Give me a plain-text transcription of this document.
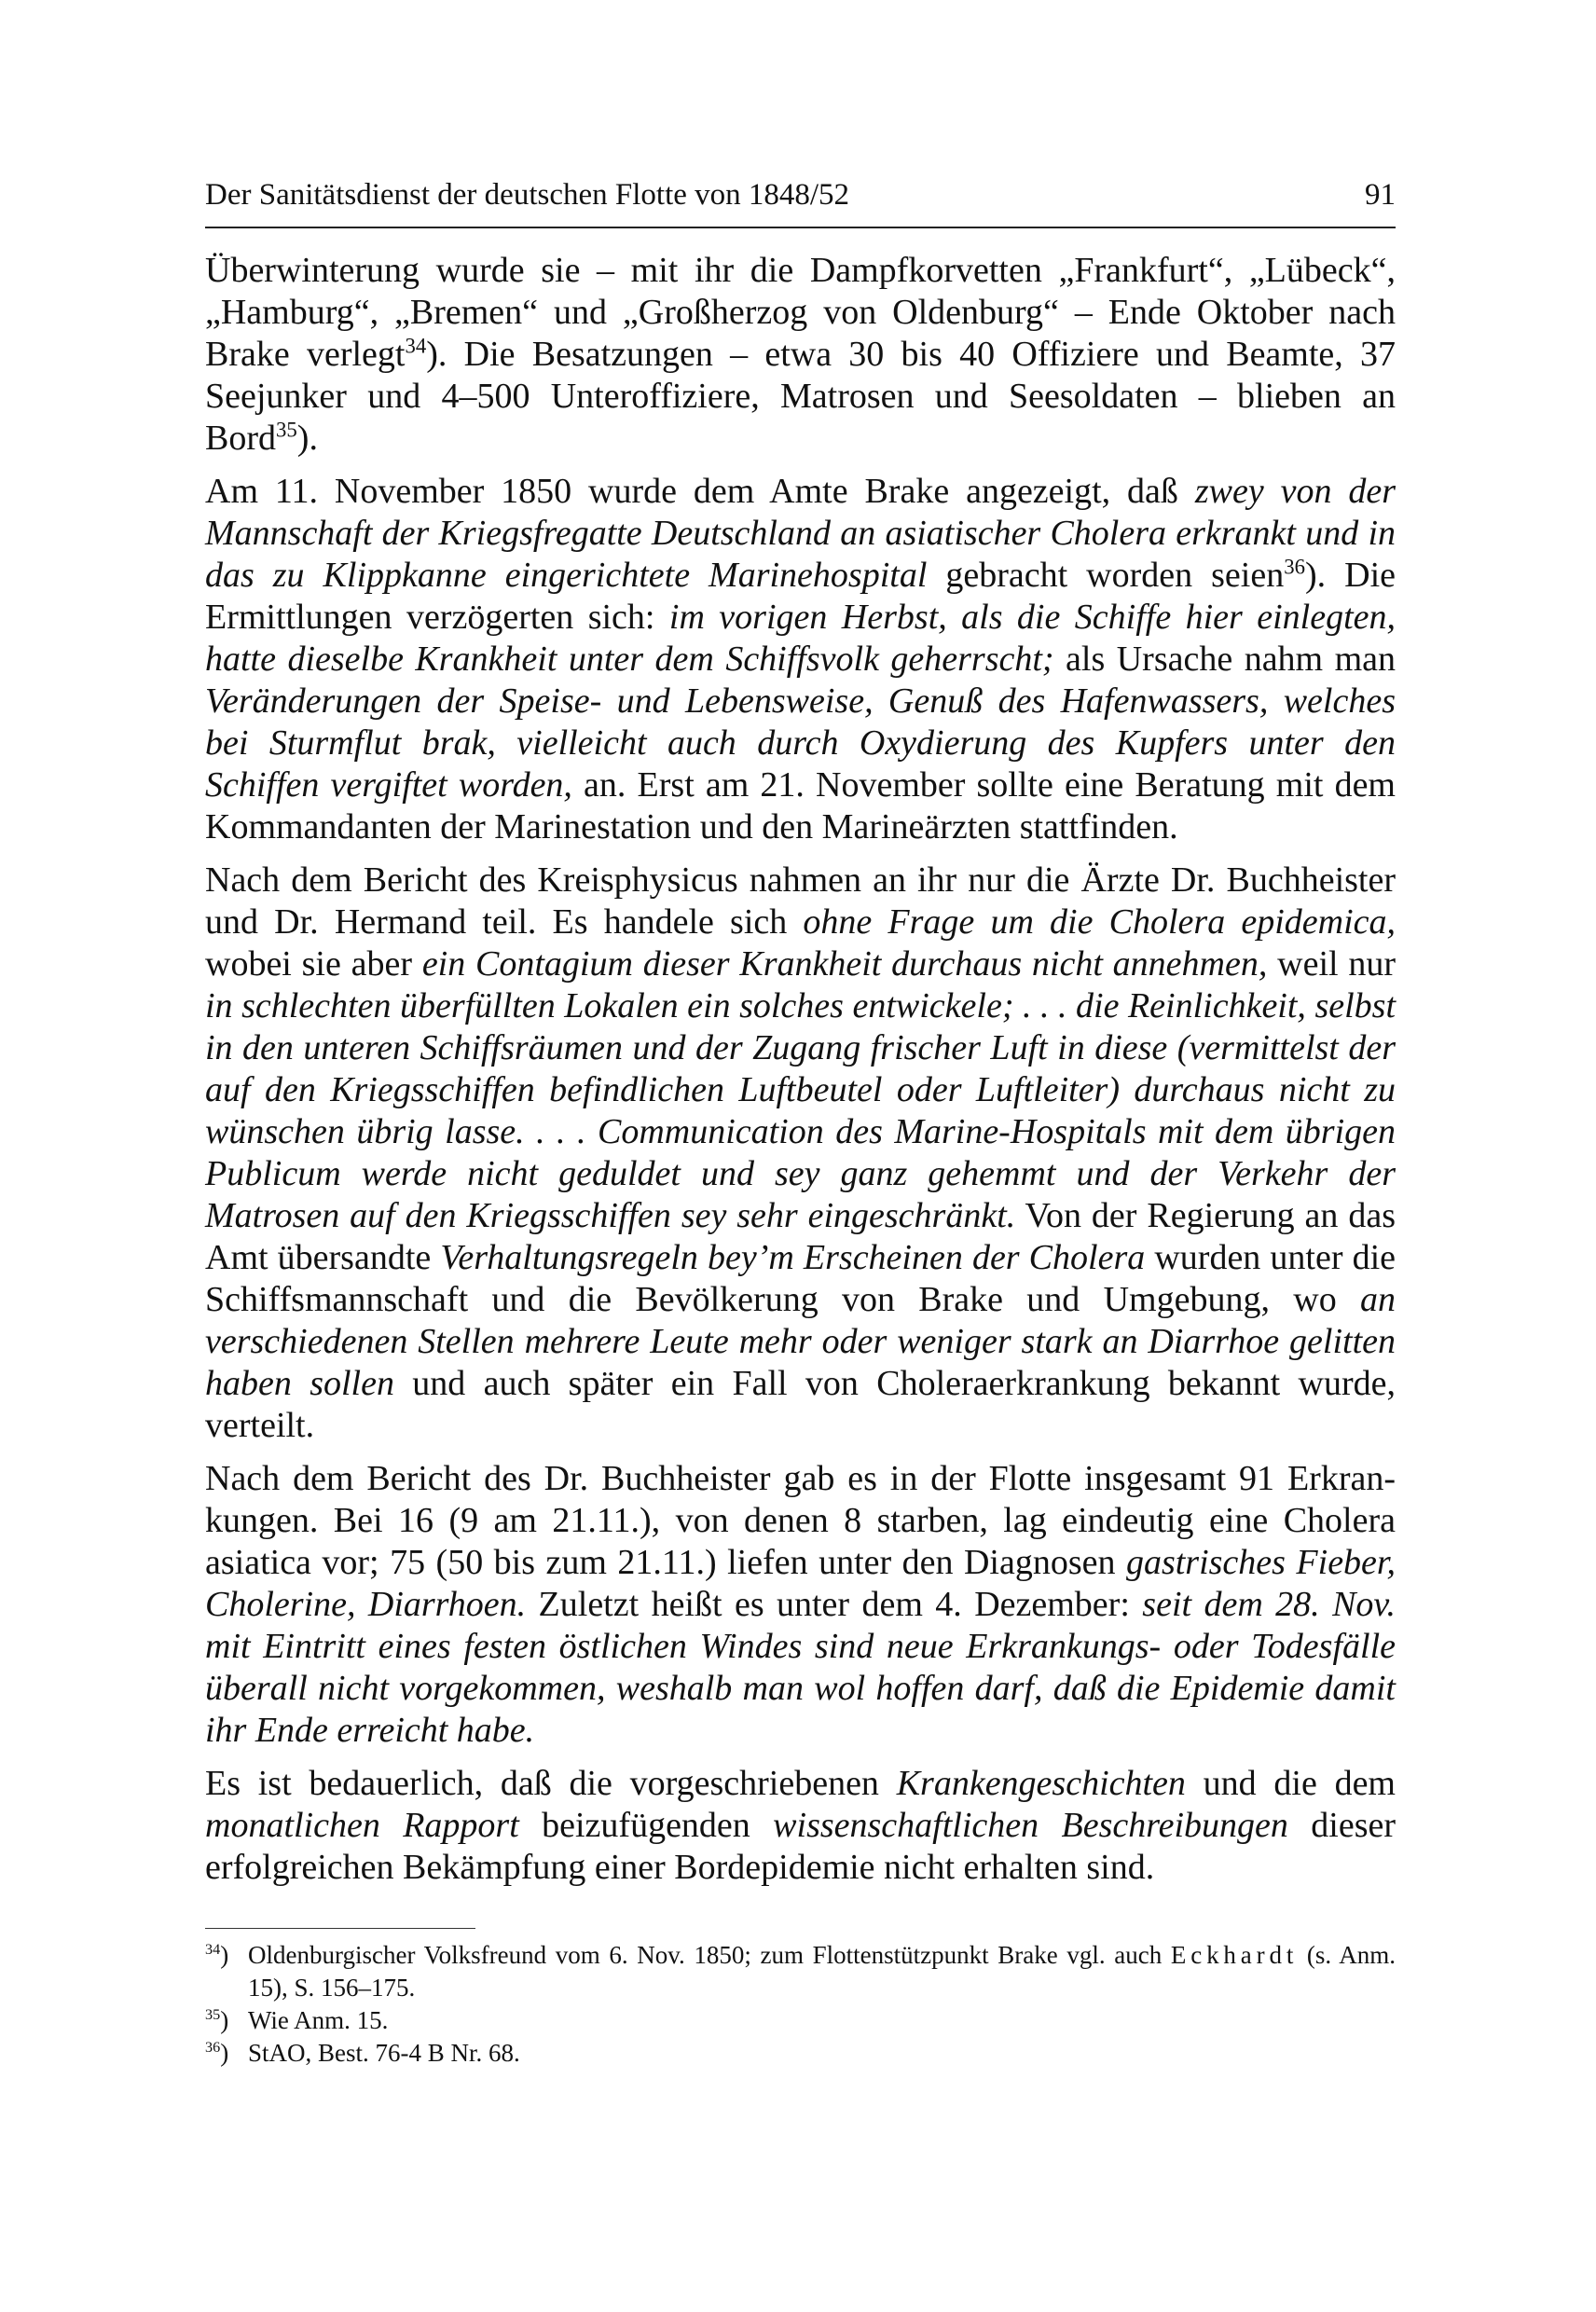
Der Sanitätsdienst der deutschen Flotte von 1848/52	91

Überwinterung wurde sie – mit ihr die Dampfkorvetten „Frankfurt“, „Lübeck“, „Hamburg“, „Bremen“ und „Großherzog von Oldenburg“ – Ende Oktober nach Brake verlegt$^{34}$). Die Besatzungen – etwa 30 bis 40 Offiziere und Beamte, 37 Seejunker und 4–500 Unteroffiziere, Matrosen und Seesoldaten – blieben an Bord$^{35}$).

Am 11. November 1850 wurde dem Amte Brake angezeigt, daß zwey von der Mannschaft der Kriegsfregatte Deutschland an asiatischer Cholera erkrankt und in das zu Klippkanne eingerichtete Marinehospital gebracht worden seien$^{36}$). Die Ermittlungen verzögerten sich: im vorigen Herbst, als die Schiffe hier einlegten, hatte dieselbe Krankheit unter dem Schiffsvolk geherrscht; als Ursache nahm man Veränderungen der Speise- und Lebensweise, Genuß des Hafenwassers, welches bei Sturmflut brak, vielleicht auch durch Oxydierung des Kupfers unter den Schiffen vergiftet worden, an. Erst am 21. November sollte eine Beratung mit dem Kommandanten der Marinestation und den Marineärzten stattfinden.

Nach dem Bericht des Kreisphysicus nahmen an ihr nur die Ärzte Dr. Buchheister und Dr. Hermand teil. Es handele sich ohne Frage um die Cholera epidemica, wobei sie aber ein Contagium dieser Krankheit durchaus nicht annehmen, weil nur in schlechten überfüllten Lokalen ein solches entwickele; . . . die Reinlichkeit, selbst in den unteren Schiffsräumen und der Zugang frischer Luft in diese (vermittelst der auf den Kriegsschiffen befindlichen Luftbeutel oder Luftleiter) durchaus nicht zu wünschen übrig lasse. . . . Communication des Marine-Hospitals mit dem übrigen Publicum werde nicht geduldet und sey ganz gehemmt und der Verkehr der Matrosen auf den Kriegsschiffen sey sehr eingeschränkt. Von der Regierung an das Amt übersandte Verhaltungsregeln bey’m Erscheinen der Cholera wurden unter die Schiffsmannschaft und die Bevölkerung von Brake und Umgebung, wo an verschiedenen Stellen mehrere Leute mehr oder weniger stark an Diarrhoe gelitten haben sollen und auch später ein Fall von Choleraerkrankung bekannt wurde, verteilt.

Nach dem Bericht des Dr. Buchheister gab es in der Flotte insgesamt 91 Erkrankungen. Bei 16 (9 am 21.11.), von denen 8 starben, lag eindeutig eine Cholera asiatica vor; 75 (50 bis zum 21.11.) liefen unter den Diagnosen gastrisches Fieber, Cholerine, Diarrhoen. Zuletzt heißt es unter dem 4. Dezember: seit dem 28. Nov. mit Eintritt eines festen östlichen Windes sind neue Erkrankungs- oder Todesfälle überall nicht vorgekommen, weshalb man wol hoffen darf, daß die Epidemie damit ihr Ende erreicht habe.

Es ist bedauerlich, daß die vorgeschriebenen Krankengeschichten und die dem monatlichen Rapport beizufügenden wissenschaftlichen Beschreibungen dieser erfolgreichen Bekämpfung einer Bordepidemie nicht erhalten sind.

$^{34}$) Oldenburgischer Volksfreund vom 6. Nov. 1850; zum Flottenstützpunkt Brake vgl. auch Eckhardt (s. Anm. 15), S. 156–175.
$^{35}$) Wie Anm. 15.
$^{36}$) StAO, Best. 76-4 B Nr. 68.
